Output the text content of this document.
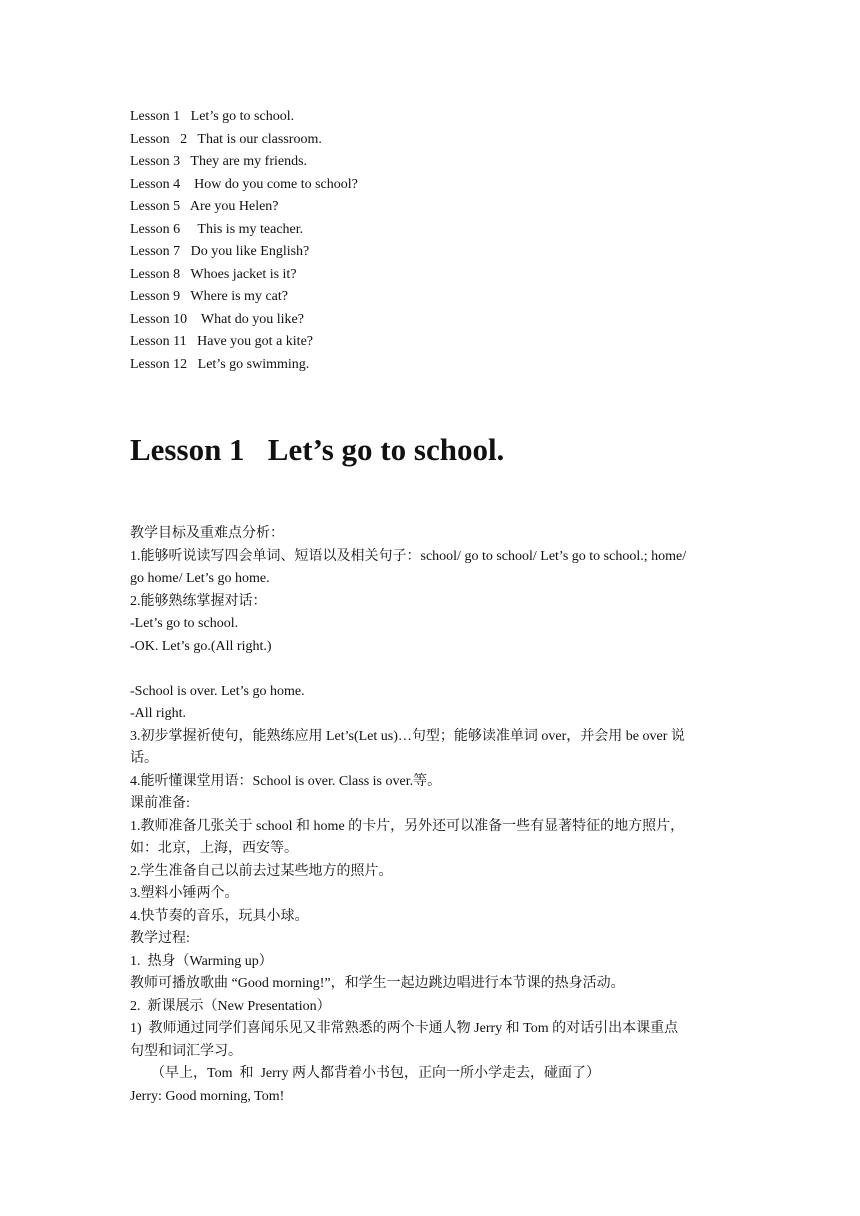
Lesson 1   Let’s go to school.
Lesson   2   That is our classroom.
Lesson 3   They are my friends.
Lesson 4    How do you come to school?
Lesson 5   Are you Helen?
Lesson 6     This is my teacher.
Lesson 7   Do you like English?
Lesson 8   Whoes jacket is it?
Lesson 9   Where is my cat?
Lesson 10    What do you like?
Lesson 11   Have you got a kite?
Lesson 12   Let’s go swimming.
Lesson 1   Let’s go to school.
教学目标及重难点分析：
1.能够听说读写四会单词、短语以及相关句子：school/ go to school/ Let’s go to school.; home/
go home/ Let’s go home.
2.能够熟练掌握对话：
-Let’s go to school.
-OK. Let’s go.(All right.)
-School is over. Let’s go home.
-All right.
3.初步掌握祈使句，能熟练应用 Let’s(Let us)…句型；能够读准单词 over，并会用 be over 说
话。
4.能听懂课堂用语：School is over. Class is over.等。
课前准备:
1.教师准备几张关于 school 和 home 的卡片，另外还可以准备一些有显著特征的地方照片，
如：北京，上海，西安等。
2.学生准备自己以前去过某些地方的照片。
3.塑料小锤两个。
4.快节奏的音乐，玩具小球。
教学过程:
1.  热身（Warming up）
教师可播放歌曲 “Good morning!”，和学生一起边跳边唱进行本节课的热身活动。
2.  新课展示（New Presentation）
1)  教师通过同学们喜闻乐见又非常熟悉的两个卡通人物 Jerry 和 Tom 的对话引出本课重点
句型和词汇学习。
（早上，Tom  和  Jerry 两人都背着小书包，正向一所小学走去，碰面了）
Jerry: Good morning, Tom!
